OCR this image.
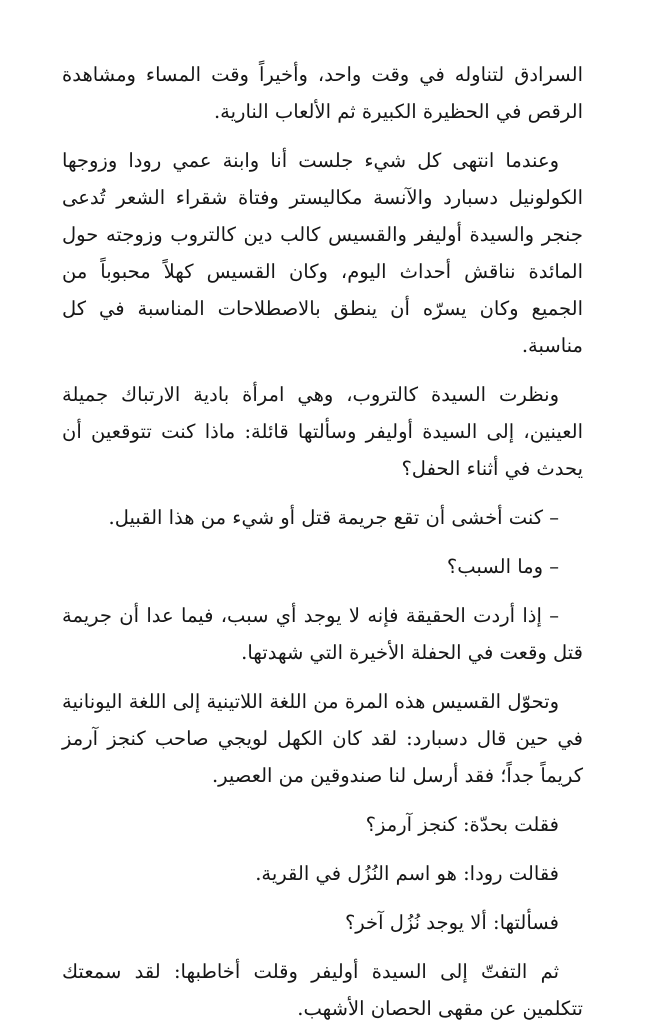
السرادق لتناوله في وقت واحد، وأخيراً وقت المساء ومشاهدة الرقص في الحظيرة الكبيرة ثم الألعاب النارية.

وعندما انتهى كل شيء جلست أنا وابنة عمي رودا وزوجها الكولونيل دسبارد والآنسة مكاليستر وفتاة شقراء الشعر تُدعى جنجر والسيدة أوليفر والقسيس كالب دين كالتروب وزوجته حول المائدة نناقش أحداث اليوم، وكان القسيس كهلاً محبوباً من الجميع وكان يسرّه أن ينطق بالاصطلاحات المناسبة في كل مناسبة.

ونظرت السيدة كالتروب، وهي امرأة بادية الارتباك جميلة العينين، إلى السيدة أوليفر وسألتها قائلة: ماذا كنت تتوقعين أن يحدث في أثناء الحفل؟

– كنت أخشى أن تقع جريمة قتل أو شيء من هذا القبيل.

– وما السبب؟

– إذا أردت الحقيقة فإنه لا يوجد أي سبب، فيما عدا أن جريمة قتل وقعت في الحفلة الأخيرة التي شهدتها.

وتحوّل القسيس هذه المرة من اللغة اللاتينية إلى اللغة اليونانية في حين قال دسبارد: لقد كان الكهل لويجي صاحب كنجز آرمز كريماً جداً؛ فقد أرسل لنا صندوقين من العصير.

فقلت بحدّة: كنجز آرمز؟

فقالت رودا: هو اسم النُزُل في القرية.

فسألتها: ألا يوجد نُزُل آخر؟

ثم التفتّ إلى السيدة أوليفر وقلت أخاطبها: لقد سمعتك تتكلمين عن مقهى الحصان الأشهب.
